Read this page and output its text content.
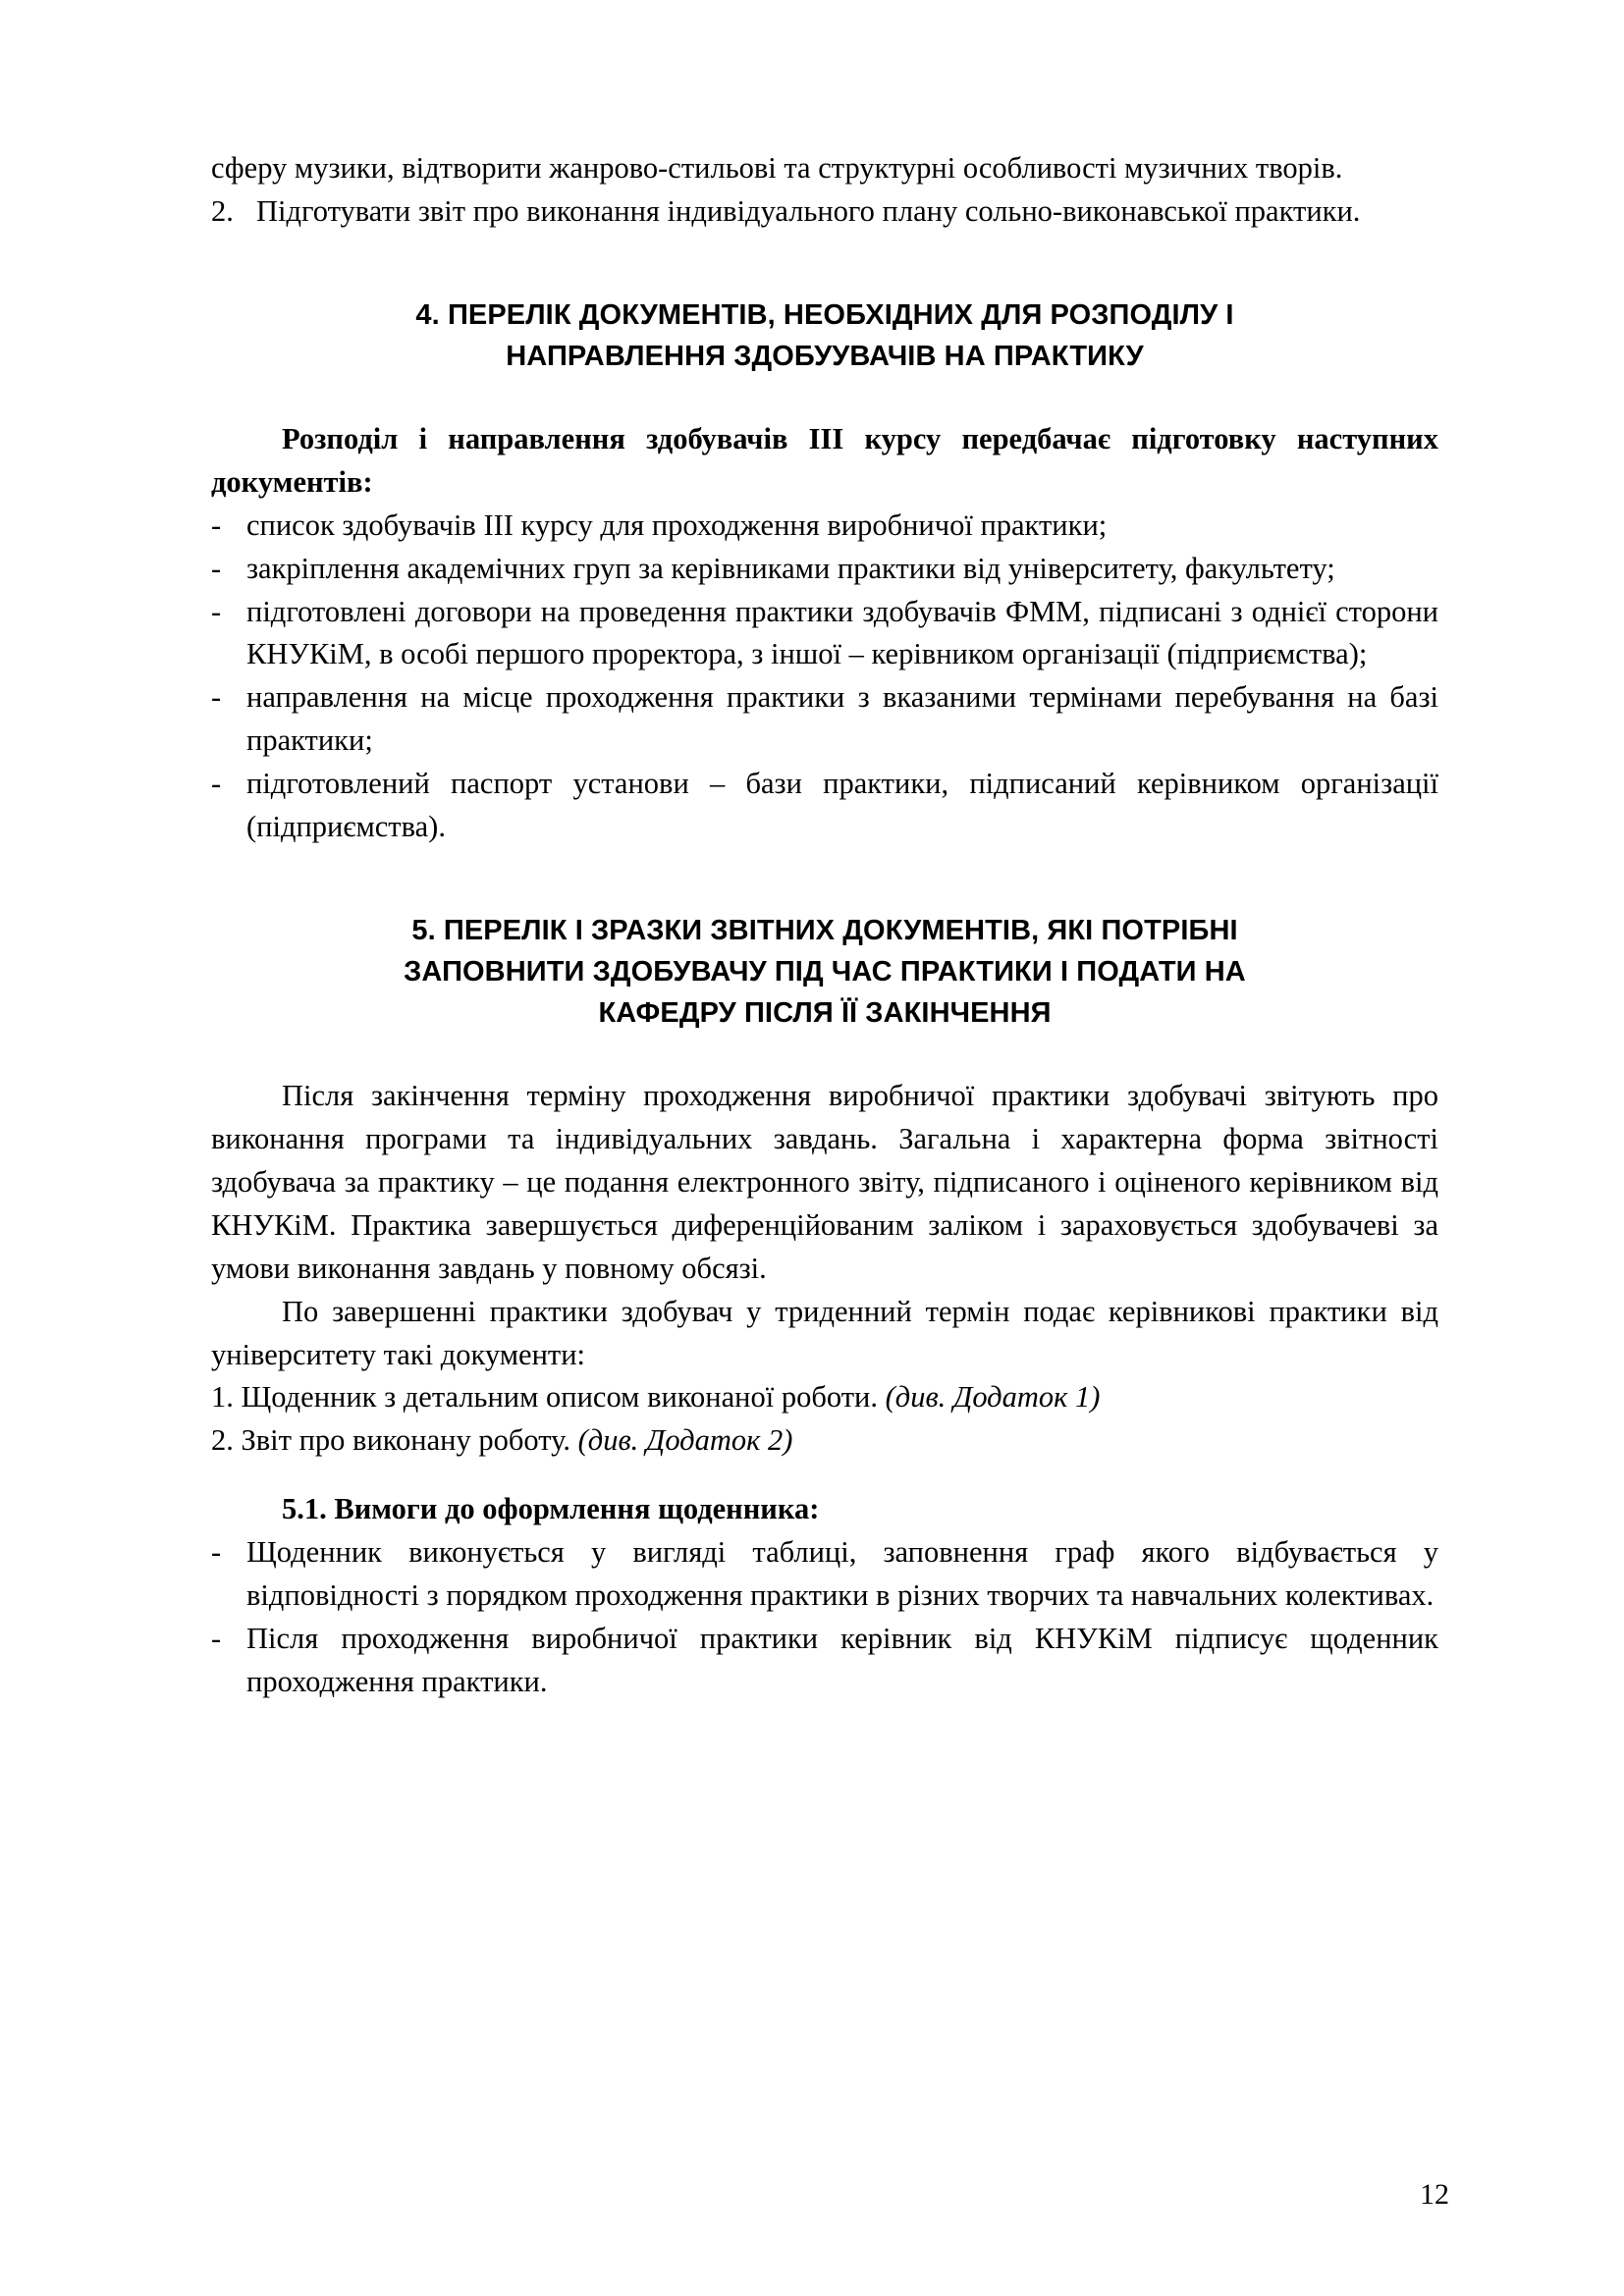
сферу музики, відтворити жанрово-стильові та структурні особливості музичних творів.

2. Підготувати звіт про виконання індивідуального плану сольно-виконавської практики.
4. ПЕРЕЛІК ДОКУМЕНТІВ, НЕОБХІДНИХ ДЛЯ РОЗПОДІЛУ І
НАПРАВЛЕННЯ ЗДОБУУВАЧІВ НА ПРАКТИКУ

Розподіл і направлення здобувачів ІІІ курсу передбачає підготовку наступних документів:

- список здобувачів ІІІ курсу для проходження виробничої практики;
- закріплення академічних груп за керівниками практики від університету, факультету;
- підготовлені договори на проведення практики здобувачів ФММ, підписані з однієї сторони КНУКіМ, в особі першого проректора, з іншої – керівником організації (підприємства);
- направлення на місце проходження практики з вказаними термінами перебування на базі практики;
- підготовлений паспорт установи – бази практики, підписаний керівником організації (підприємства).
5. ПЕРЕЛІК І ЗРАЗКИ ЗВІТНИХ ДОКУМЕНТІВ, ЯКІ ПОТРІБНІ
ЗАПОВНИТИ ЗДОБУВАЧУ ПІД ЧАС ПРАКТИКИ І ПОДАТИ НА
КАФЕДРУ ПІСЛЯ ЇЇ ЗАКІНЧЕННЯ

Після закінчення терміну проходження виробничої практики здобувачі звітують про виконання програми та індивідуальних завдань. Загальна і характерна форма звітності здобувача за практику – це подання електронного звіту, підписаного і оціненого керівником від КНУКіМ. Практика завершується диференційованим заліком і зараховується здобувачеві за умови виконання завдань у повному обсязі.

По завершенні практики здобувач у триденний термін подає керівникові практики від університету такі документи:

1. Щоденник з детальним описом виконаної роботи. (див. Додаток 1)

2. Звіт про виконану роботу. (див. Додаток 2)

5.1. Вимоги до оформлення щоденника:

- Щоденник виконується у вигляді таблиці, заповнення граф якого відбувається у відповідності з порядком проходження практики в різних творчих та навчальних колективах.
- Після проходження виробничої практики керівник від КНУКіМ підписує щоденник проходження практики.
12
